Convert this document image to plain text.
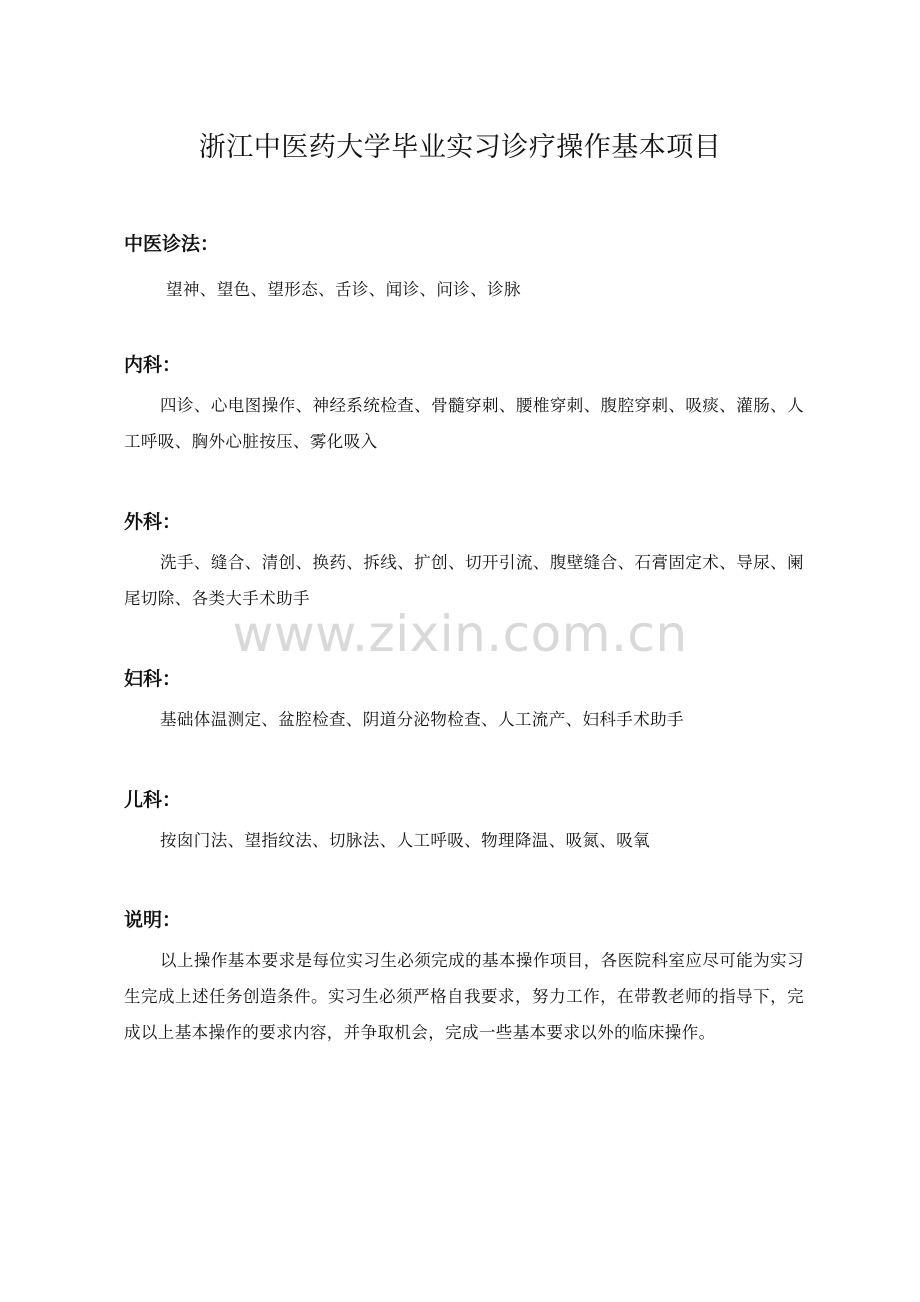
浙江中医药大学毕业实习诊疗操作基本项目
中医诊法：

望神、望色、望形态、舌诊、闻诊、问诊、诊脉

内科：

四诊、心电图操作、神经系统检查、骨髓穿刺、腰椎穿刺、腹腔穿刺、吸痰、灌肠、人工呼吸、胸外心脏按压、雾化吸入

外科：

洗手、缝合、清创、换药、拆线、扩创、切开引流、腹壁缝合、石膏固定术、导尿、阑尾切除、各类大手术助手

妇科：

基础体温测定、盆腔检查、阴道分泌物检查、人工流产、妇科手术助手

儿科：

按囱门法、望指纹法、切脉法、人工呼吸、物理降温、吸氮、吸氧

说明：

以上操作基本要求是每位实习生必须完成的基本操作项目，各医院科室应尽可能为实习生完成上述任务创造条件。实习生必须严格自我要求，努力工作，在带教老师的指导下，完成以上基本操作的要求内容，并争取机会，完成一些基本要求以外的临床操作。

www.zixin.com.cn
